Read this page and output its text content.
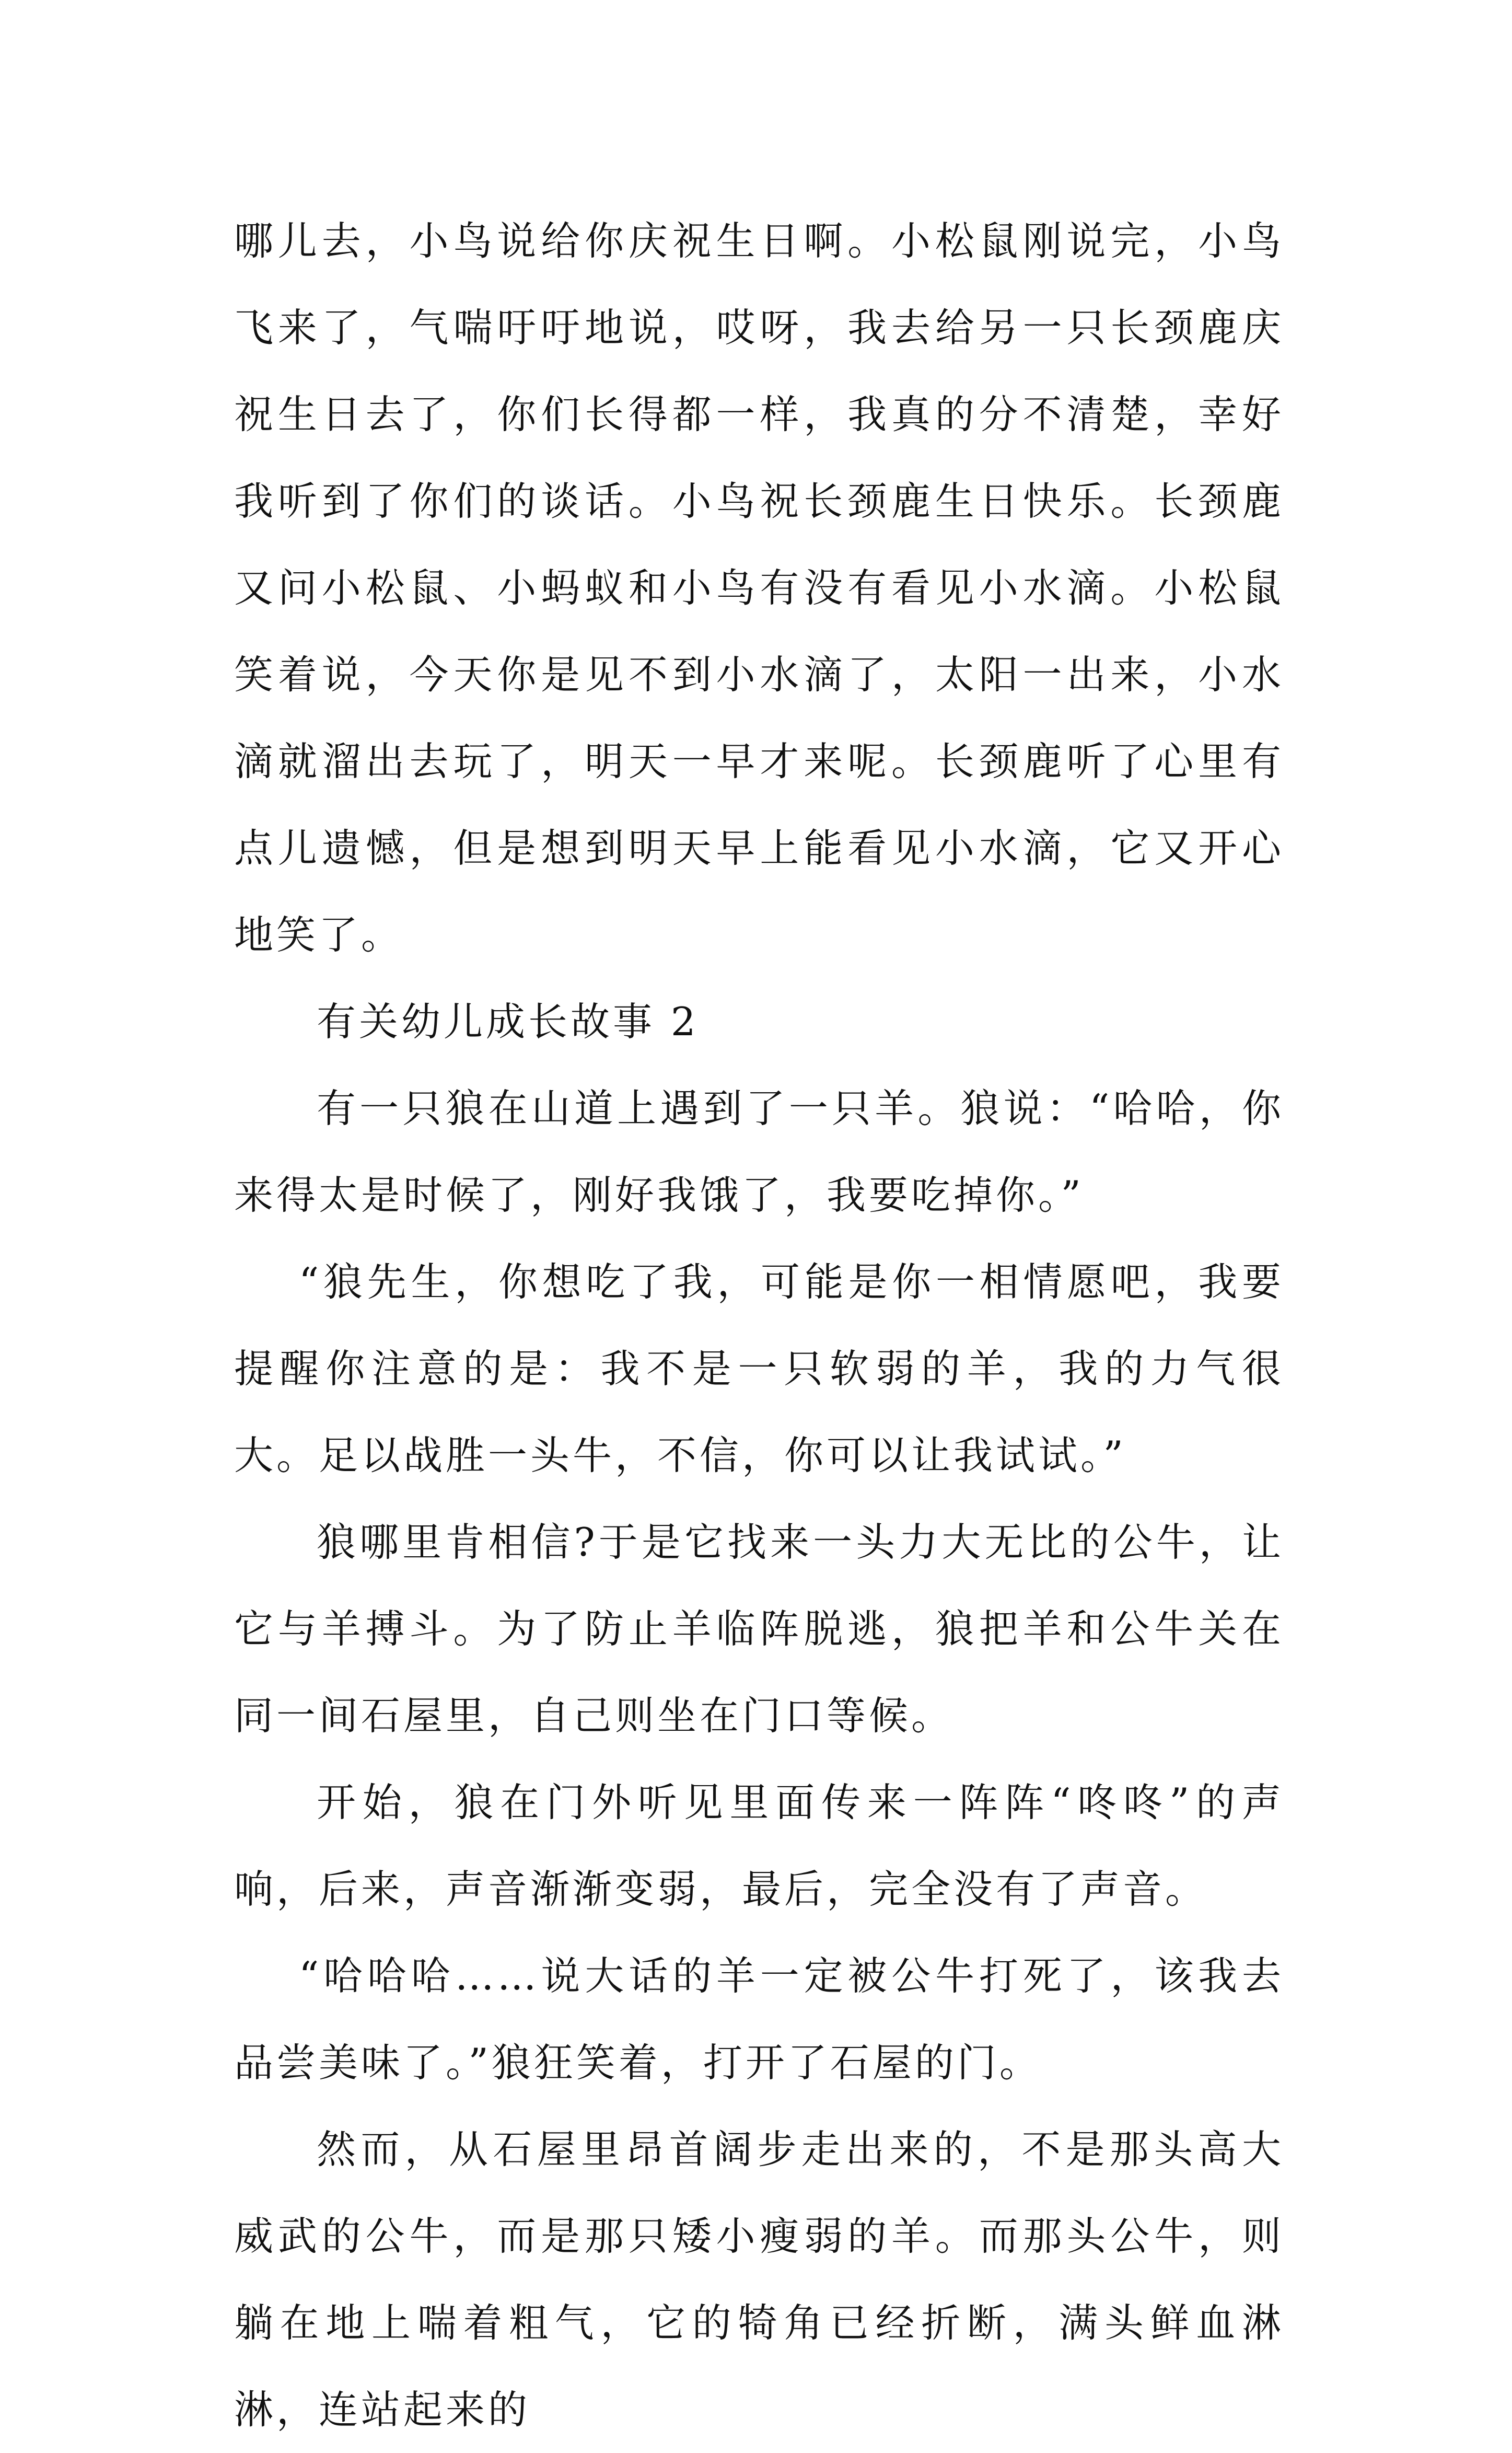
哪儿去，小鸟说给你庆祝生日啊。小松鼠刚说完，小鸟飞来了，气喘吁吁地说，哎呀，我去给另一只长颈鹿庆祝生日去了，你们长得都一样，我真的分不清楚，幸好我听到了你们的谈话。小鸟祝长颈鹿生日快乐。长颈鹿又问小松鼠、小蚂蚁和小鸟有没有看见小水滴。小松鼠笑着说，今天你是见不到小水滴了，太阳一出来，小水滴就溜出去玩了，明天一早才来呢。长颈鹿听了心里有点儿遗憾，但是想到明天早上能看见小水滴，它又开心地笑了。

有关幼儿成长故事 2

有一只狼在山道上遇到了一只羊。狼说：“哈哈，你来得太是时候了，刚好我饿了，我要吃掉你。”

“狼先生，你想吃了我，可能是你一相情愿吧，我要提醒你注意的是：我不是一只软弱的羊，我的力气很大。足以战胜一头牛，不信，你可以让我试试。”

狼哪里肯相信?于是它找来一头力大无比的公牛，让它与羊搏斗。为了防止羊临阵脱逃，狼把羊和公牛关在同一间石屋里，自己则坐在门口等候。

开始，狼在门外听见里面传来一阵阵“咚咚”的声响，后来，声音渐渐变弱，最后，完全没有了声音。

“哈哈哈……说大话的羊一定被公牛打死了，该我去品尝美味了。”狼狂笑着，打开了石屋的门。

然而，从石屋里昂首阔步走出来的，不是那头高大威武的公牛，而是那只矮小瘦弱的羊。而那头公牛，则躺在地上喘着粗气，它的犄角已经折断，满头鲜血淋淋，连站起来的
